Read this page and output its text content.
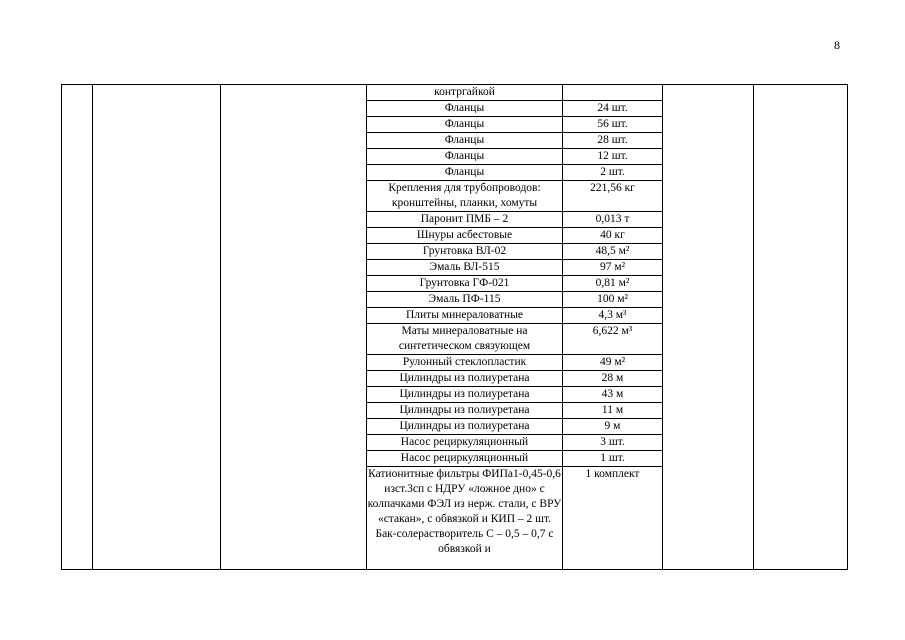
8
			контргайкой			
			Фланцы	24 шт.		
			Фланцы	56 шт.		
			Фланцы	28 шт.		
			Фланцы	12 шт.		
			Фланцы	2 шт.		
			Крепления для трубопроводов: кронштейны, планки, хомуты	221,56 кг		
			Паронит ПМБ – 2	0,013 т		
			Шнуры асбестовые	40 кг		
			Грунтовка ВЛ-02	48,5 м²		
			Эмаль ВЛ-515	97 м²		
			Грунтовка ГФ-021	0,81 м²		
			Эмаль ПФ-115	100 м²		
			Плиты минераловатные	4,3 м³		
			Маты минераловатные на синтетическом связующем	6,622 м³		
			Рулонный стеклопластик	49 м²		
			Цилиндры из полиуретана	28 м		
			Цилиндры из полиуретана	43 м		
			Цилиндры из полиуретана	11 м		
			Цилиндры из полиуретана	9 м		
			Насос рециркуляционный	3 шт.		
			Насос рециркуляционный	1 шт.		
			Катионитные фильтры ФИПа1-0,45-0,6 изст.3сп с НДРУ «ложное дно» с колпачками ФЭЛ из нерж. стали, с ВРУ «стакан», с обвязкой и КИП – 2 шт. Бак-солерастворитель С – 0,5 – 0,7 с обвязкой и	1 комплект		
